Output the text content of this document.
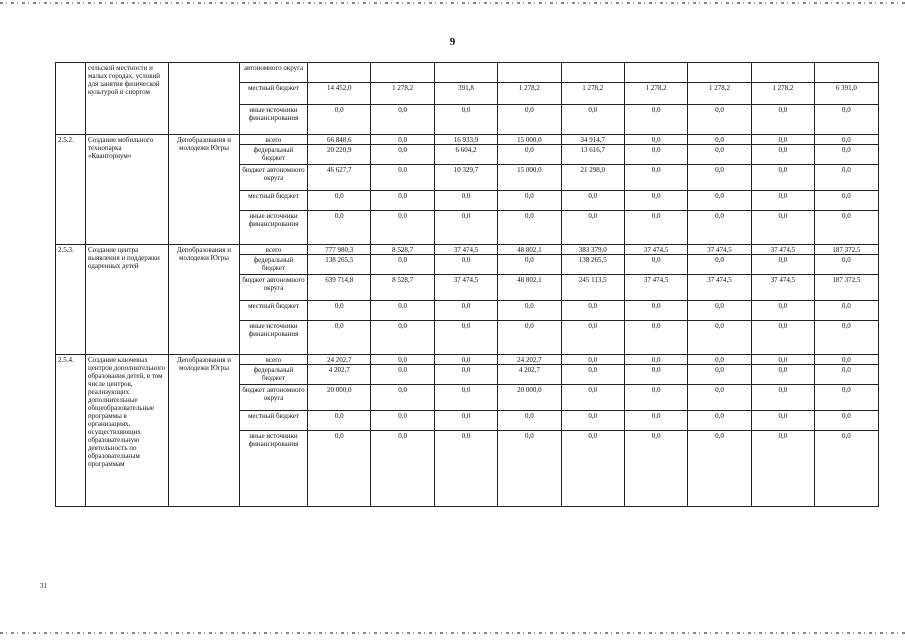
9
	сельской местности и малых городах, условий для занятия физической культурой и спортом		автономного округа									
			местный бюджет	14 452,0	1 278,2	391,8	1 278,2	1 278,2	1 278,2	1 278,2	1 278,2	6 391,0
			иные источники финансирования	0,0	0,0	0,0	0,0	0,0	0,0	0,0	0,0	0,0
2.5.2.	Создание мобильного технопарка «Кванториум»	Депобразования и молодежи Югры	всего	66 848,6	0,0	16 933,9	15 000,0	34 914,7	0,0	0,0	0,0	0,0
			федеральный бюджет	20 220,9	0,0	6 604,2	0,0	13 616,7	0,0	0,0	0,0	0,0
			бюджет автономного округа	46 627,7	0,0	10 329,7	15 000,0	21 298,0	0,0	0,0	0,0	0,0
			местный бюджет	0,0	0,0	0,0	0,0	0,0	0,0	0,0	0,0	0,0
			иные источники финансирования	0,0	0,0	0,0	0,0	0,0	0,0	0,0	0,0	0,0
2.5.3.	Создание центра выявления и поддержки одаренных детей	Депобразования и молодежи Югры	всего	777 980,3	8 528,7	37 474,5	48 802,1	383 379,0	37 474,5	37 474,5	37 474,5	187 372,5
			федеральный бюджет	138 265,5	0,0	0,0	0,0	138 265,5	0,0	0,0	0,0	0,0
			бюджет автономного округа	639 714,8	8 528,7	37 474,5	48 802,1	245 113,5	37 474,5	37 474,5	37 474,5	187 372,5
			местный бюджет	0,0	0,0	0,0	0,0	0,0	0,0	0,0	0,0	0,0
			иные источники финансирования	0,0	0,0	0,0	0,0	0,0	0,0	0,0	0,0	0,0
2.5.4.	Создание ключевых центров дополнительного образования детей, в том числе центров, реализующих дополнительные общеобразовательные программы в организациях, осуществляющих образовательную деятельность по образовательным программам	Депобразования и молодежи Югры	всего	24 202,7	0,0	0,0	24 202,7	0,0	0,0	0,0	0,0	0,0
			федеральный бюджет	4 202,7	0,0	0,0	4 202,7	0,0	0,0	0,0	0,0	0,0
			бюджет автономного округа	20 000,0	0,0	0,0	20 000,0	0,0	0,0	0,0	0,0	0,0
			местный бюджет	0,0	0,0	0,0	0,0	0,0	0,0	0,0	0,0	0,0
			иные источники финансирования	0,0	0,0	0,0	0,0	0,0	0,0	0,0	0,0	0,0
31
